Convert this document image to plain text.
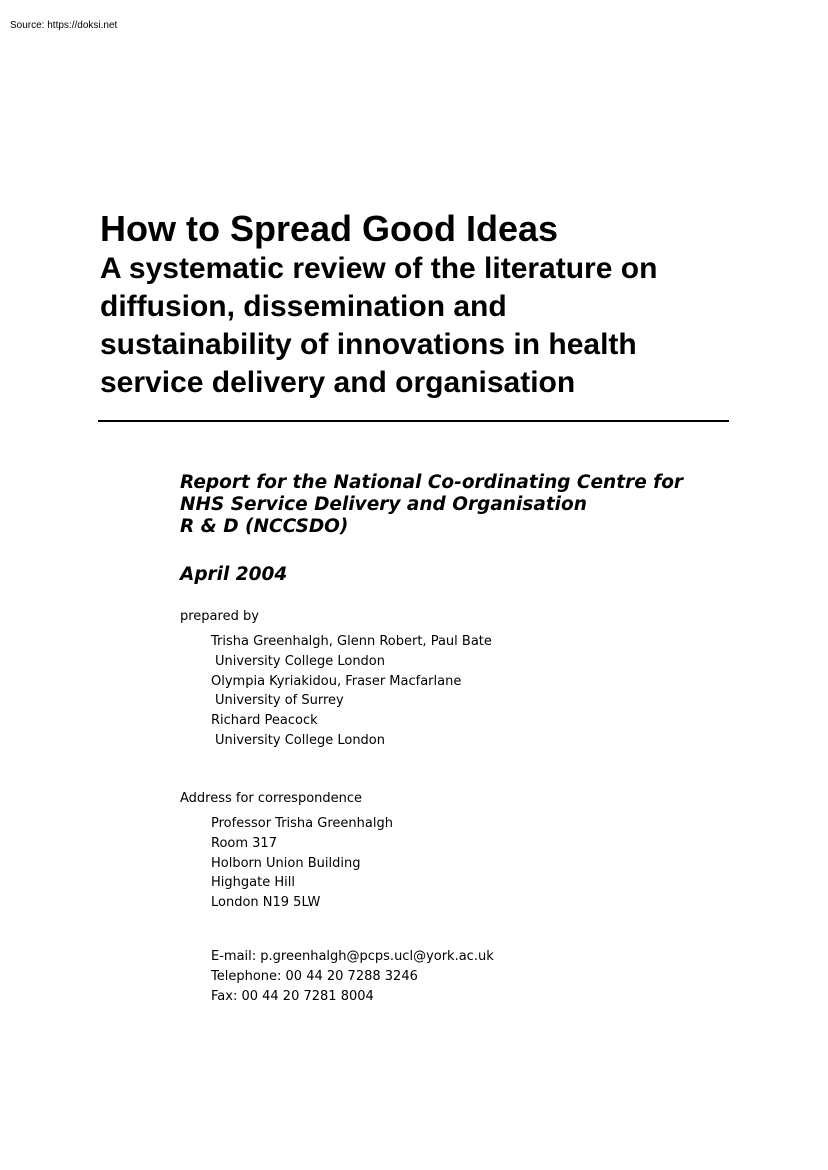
Source: https://doksi.net
How to Spread Good Ideas
A systematic review of the literature on
diffusion, dissemination and
sustainability of innovations in health
service delivery and organisation
Report for the National Co-ordinating Centre for
NHS Service Delivery and Organisation
R & D (NCCSDO)
April 2004
prepared by
Trisha Greenhalgh, Glenn Robert, Paul Bate
University College London
Olympia Kyriakidou, Fraser Macfarlane
University of Surrey
Richard Peacock
University College London
Address for correspondence
Professor Trisha Greenhalgh
Room 317
Holborn Union Building
Highgate Hill
London N19 5LW
E-mail: p.greenhalgh@pcps.ucl@york.ac.uk
Telephone: 00 44 20 7288 3246
Fax: 00 44 20 7281 8004
